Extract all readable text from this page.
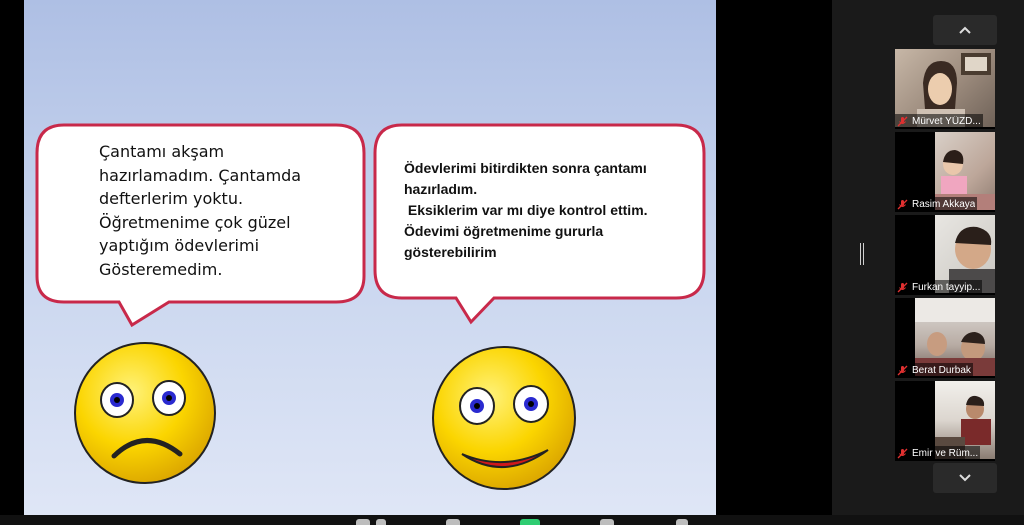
Çantamı akşam

hazırlamadım. Çantamda

defterlerim yoktu.

Öğretmenime çok güzel

yaptığım ödevlerimi

Gösteremedim.

Ödevlerimi bitirdikten sonra çantamı

hazırladım.

Eksiklerim var mı diye kontrol ettim.

Ödevimi öğretmenime gururla

gösterebilirim

Mürvet YÜZD...
Rasim Akkaya
Furkan tayyip...
Berat Durbak
Emir ve Rüm...
